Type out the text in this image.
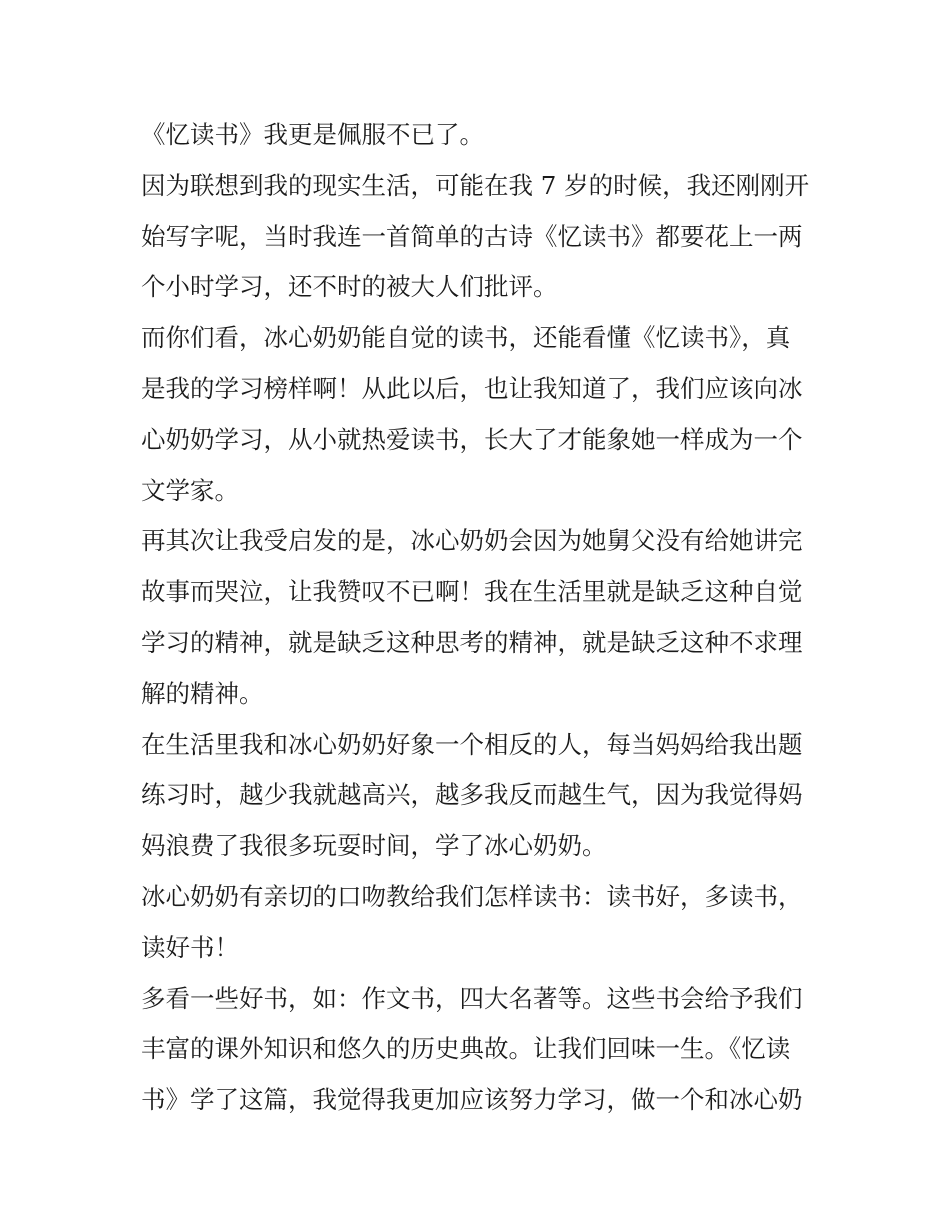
《忆读书》我更是佩服不已了。
因为联想到我的现实生活，可能在我 7 岁的时候，我还刚刚开
始写字呢，当时我连一首简单的古诗《忆读书》都要花上一两
个小时学习，还不时的被大人们批评。
而你们看，冰心奶奶能自觉的读书，还能看懂《忆读书》，真
是我的学习榜样啊！从此以后，也让我知道了，我们应该向冰
心奶奶学习，从小就热爱读书，长大了才能象她一样成为一个
文学家。
再其次让我受启发的是，冰心奶奶会因为她舅父没有给她讲完
故事而哭泣，让我赞叹不已啊！我在生活里就是缺乏这种自觉
学习的精神，就是缺乏这种思考的精神，就是缺乏这种不求理
解的精神。
在生活里我和冰心奶奶好象一个相反的人，每当妈妈给我出题
练习时，越少我就越高兴，越多我反而越生气，因为我觉得妈
妈浪费了我很多玩耍时间，学了冰心奶奶。
冰心奶奶有亲切的口吻教给我们怎样读书：读书好，多读书，
读好书！
多看一些好书，如：作文书，四大名著等。这些书会给予我们
丰富的课外知识和悠久的历史典故。让我们回味一生。《忆读
书》学了这篇，我觉得我更加应该努力学习，做一个和冰心奶
